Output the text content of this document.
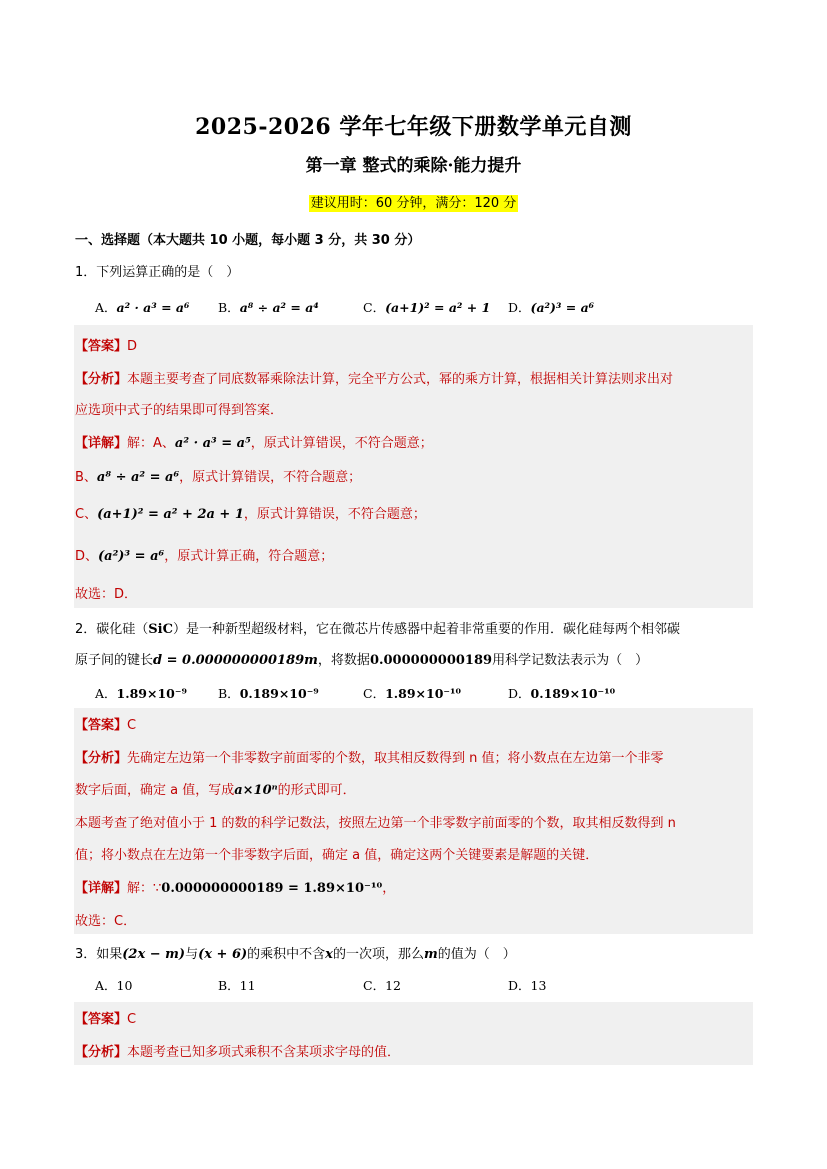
2025-2026 学年七年级下册数学单元自测
第一章 整式的乘除·能力提升
建议用时：60 分钟，满分：120 分
一、选择题（本大题共 10 小题，每小题 3 分，共 30 分）
1．下列运算正确的是（　）
A．a² · a³ = a⁶ B．a⁸ ÷ a² = a⁴	C．(a+1)² = a² + 1 D．(a²)³ = a⁶
【答案】D
【分析】本题主要考查了同底数幂乘除法计算，完全平方公式，幂的乘方计算，根据相关计算法则求出对
应选项中式子的结果即可得到答案．
【详解】解：A、a² · a³ = a⁵，原式计算错误，不符合题意；
B、a⁸ ÷ a² = a⁶，原式计算错误，不符合题意；
C、(a+1)² = a² + 2a + 1，原式计算错误，不符合题意；
D、(a²)³ = a⁶，原式计算正确，符合题意；
故选：D．
2．碳化硅（SiC）是一种新型超级材料，它在微芯片传感器中起着非常重要的作用．碳化硅每两个相邻碳
原子间的键长d = 0.000000000189m，将数据0.000000000189用科学记数法表示为（　）
A．1.89×10⁻⁹ B．0.189×10⁻⁹	C．1.89×10⁻¹⁰	D．0.189×10⁻¹⁰
【答案】C
【分析】先确定左边第一个非零数字前面零的个数，取其相反数得到 n 值；将小数点在左边第一个非零
数字后面，确定 a 值，写成a×10ⁿ的形式即可．
本题考查了绝对值小于 1 的数的科学记数法，按照左边第一个非零数字前面零的个数，取其相反数得到 n
值；将小数点在左边第一个非零数字后面，确定 a 值，确定这两个关键要素是解题的关键．
【详解】解：∵0.000000000189 = 1.89×10⁻¹⁰，
故选：C．
3．如果(2x − m)与(x + 6)的乘积中不含x的一次项，那么m的值为（　）
A．10	B．11	C．12	D．13
【答案】C
【分析】本题考查已知多项式乘积不含某项求字母的值．
